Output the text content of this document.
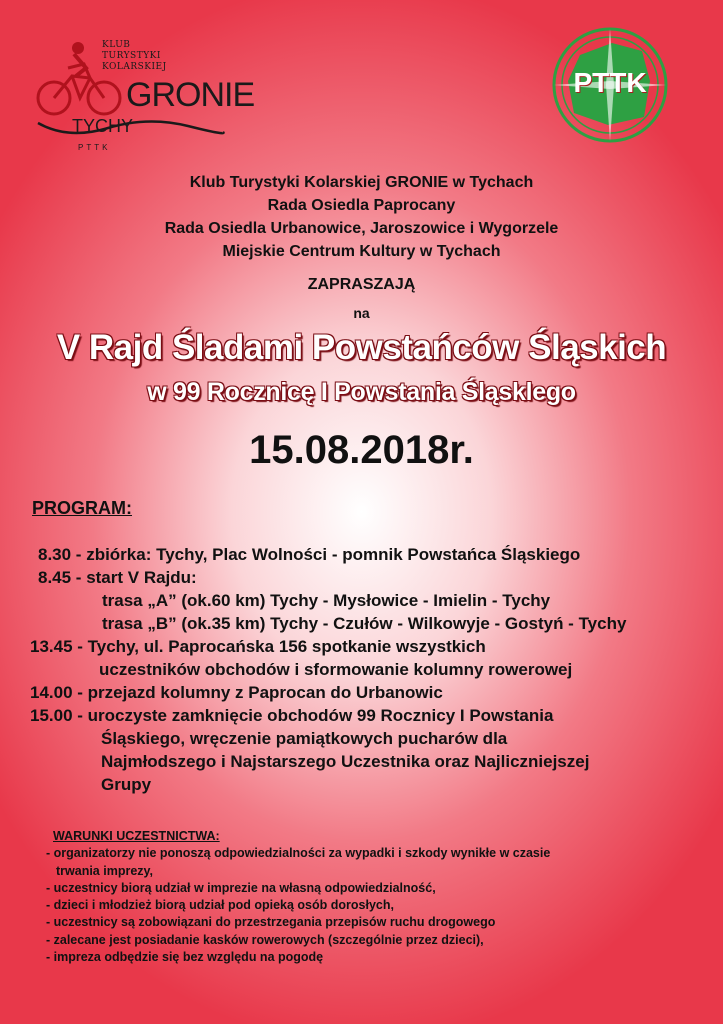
KLUB
TURYSTYKI
KOLARSKIEJ
GRONIE
TYCHY
PTTK
PTTK
Klub Turystyki Kolarskiej GRONIE w Tychach
Rada Osiedla Paprocany
Rada Osiedla Urbanowice, Jaroszowice i Wygorzele
Miejskie Centrum Kultury w Tychach
ZAPRASZAJĄ
na
V Rajd Śladami Powstańców Śląskich
w 99 Rocznicę I Powstania Śląsklego
15.08.2018r.
PROGRAM:
8.30 - zbiórka: Tychy, Plac Wolności - pomnik Powstańca Śląskiego
8.45 - start V Rajdu:
trasa „A” (ok.60 km) Tychy - Mysłowice - Imielin - Tychy
trasa „B” (ok.35 km) Tychy - Czułów - Wilkowyje - Gostyń - Tychy
13.45 - Tychy, ul. Paprocańska 156 spotkanie wszystkich
uczestników obchodów i sformowanie kolumny rowerowej
14.00 - przejazd kolumny z Paprocan do Urbanowic
15.00 - uroczyste zamknięcie obchodów 99 Rocznicy I Powstania
Śląskiego, wręczenie pamiątkowych pucharów dla
Najmłodszego i Najstarszego Uczestnika oraz Najliczniejszej
Grupy
WARUNKI UCZESTNICTWA:
- organizatorzy nie ponoszą odpowiedzialności za wypadki i szkody wynikłe w czasie
trwania imprezy,
- uczestnicy biorą udział w imprezie na własną odpowiedzialność,
- dzieci i młodzież biorą udział pod opieką osób dorosłych,
- uczestnicy są zobowiązani do przestrzegania przepisów ruchu drogowego
- zalecane jest posiadanie kasków rowerowych (szczególnie przez dzieci),
- impreza odbędzie się bez względu na pogodę
